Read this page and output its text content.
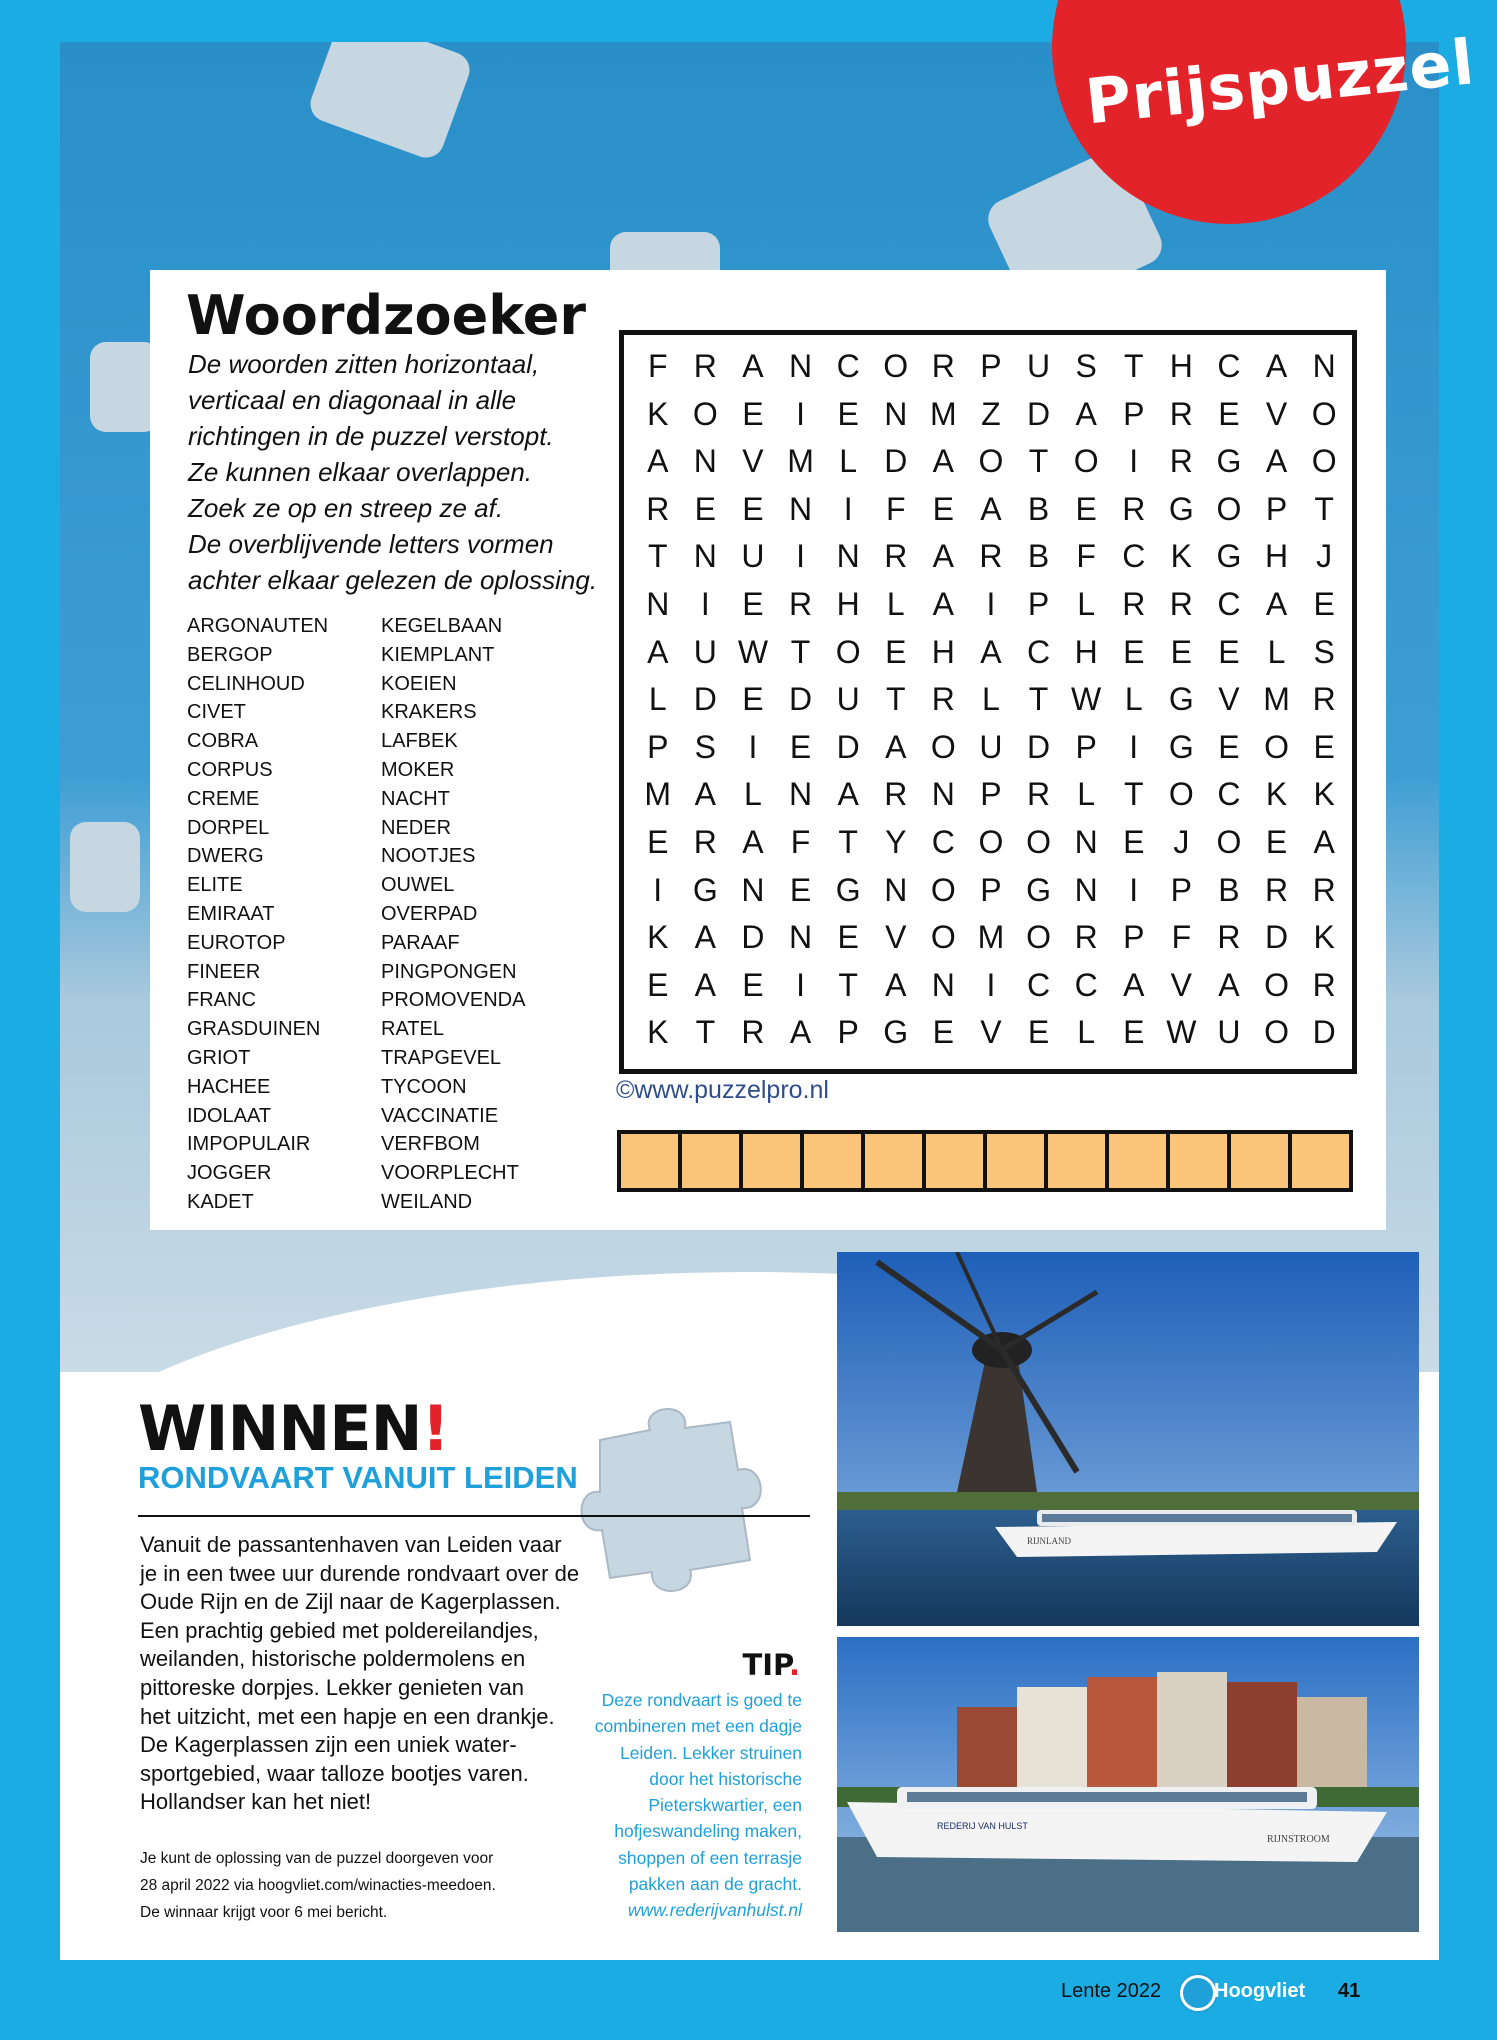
Prijspuzzel
Woordzoeker
De woorden zitten horizontaal,
verticaal en diagonaal in alle
richtingen in de puzzel verstopt.
Ze kunnen elkaar overlappen.
Zoek ze op en streep ze af.
De overblijvende letters vormen
achter elkaar gelezen de oplossing.
ARGONAUTEN
BERGOP
CELINHOUD
CIVET
COBRA
CORPUS
CREME
DORPEL
DWERG
ELITE
EMIRAAT
EUROTOP
FINEER
FRANC
GRASDUINEN
GRIOT
HACHEE
IDOLAAT
IMPOPULAIR
JOGGER
KADET
KEGELBAAN
KIEMPLANT
KOEIEN
KRAKERS
LAFBEK
MOKER
NACHT
NEDER
NOOTJES
OUWEL
OVERPAD
PARAAF
PINGPONGEN
PROMOVENDA
RATEL
TRAPGEVEL
TYCOON
VACCINATIE
VERFBOM
VOORPLECHT
WEILAND
F R A N C O R P U S T H C A N
K O E	I	E N M Z D A P R E V O
A N V M L D A O T O I R G A O
R E E N I	F E A B E R G O P T
T N U I N R A R B F C K G H J
N I	E R H L A	I	P L R R C A E
A U W T O E H A C H E E E L S
L D E D U T R L T W L G V M R
P S	I	E D A O U D P	I G E O E
M A L N A R N P R L T O C K K
E R A F T Y C O O N E J O E A
I G N E G N O P G N I	P B R R
K A D N E V O M O R P F R D K
E A E	I	T A N I C C A V A O R
K T R A P G E V E L E W U O D
©www.puzzelpro.nl
WINNEN!
RONDVAART VANUIT LEIDEN
Vanuit de passantenhaven van Leiden vaar
je in een twee uur durende rondvaart over de
Oude Rijn en de Zijl naar de Kagerplassen.
Een prachtig gebied met poldereilandjes,
weilanden, historische poldermolens en
pittoreske dorpjes. Lekker genieten van
het uitzicht, met een hapje en een drankje.
De Kagerplassen zijn een uniek water-
sportgebied, waar talloze bootjes varen.
Hollandser kan het niet!
Je kunt de oplossing van de puzzel doorgeven voor
28 april 2022 via hoogvliet.com/winacties-meedoen.
De winnaar krijgt voor 6 mei bericht.
TIP.
Deze rondvaart is goed te
combineren met een dagje
Leiden. Lekker struinen
door het historische
Pieterskwartier, een
hofjeswandeling maken,
shoppen of een terrasje
pakken aan de gracht.
www.rederijvanhulst.nl
RIJNLAND
REDERIJ VAN HULST
RIJNSTROOM
Lente 2022	Hoogvliet 41
